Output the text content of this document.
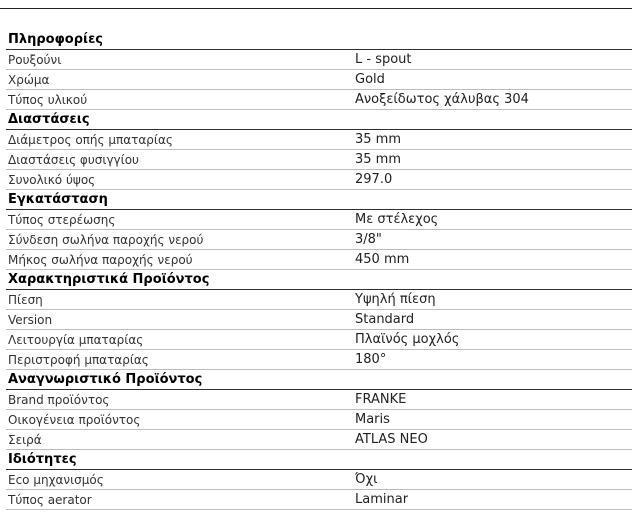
Πληροφορίες
Ρουξούνι	L - spout
Χρώμα	Gold
Τύπος υλικού	Ανοξείδωτος χάλυβας 304
Διαστάσεις
Διάμετρος οπής μπαταρίας	35 mm
Διαστάσεις φυσιγγίου	35 mm
Συνολικό ύψος	297.0
Εγκατάσταση
Τύπος στερέωσης	Με στέλεχος
Σύνδεση σωλήνα παροχής νερού	3/8"
Μήκος σωλήνα παροχής νερού	450 mm
Χαρακτηριστικά Προϊόντος
Πίεση	Υψηλή πίεση
Version	Standard
Λειτουργία μπαταρίας	Πλαϊνός μοχλός
Περιστροφή μπαταρίας	180°
Αναγνωριστικό Προϊόντος
Brand προϊόντος	FRANKE
Οικογένεια προϊόντος	Maris
Σειρά	ATLAS NEO
Ιδιότητες
Eco μηχανισμός	Όχι
Τύπος aerator	Laminar
